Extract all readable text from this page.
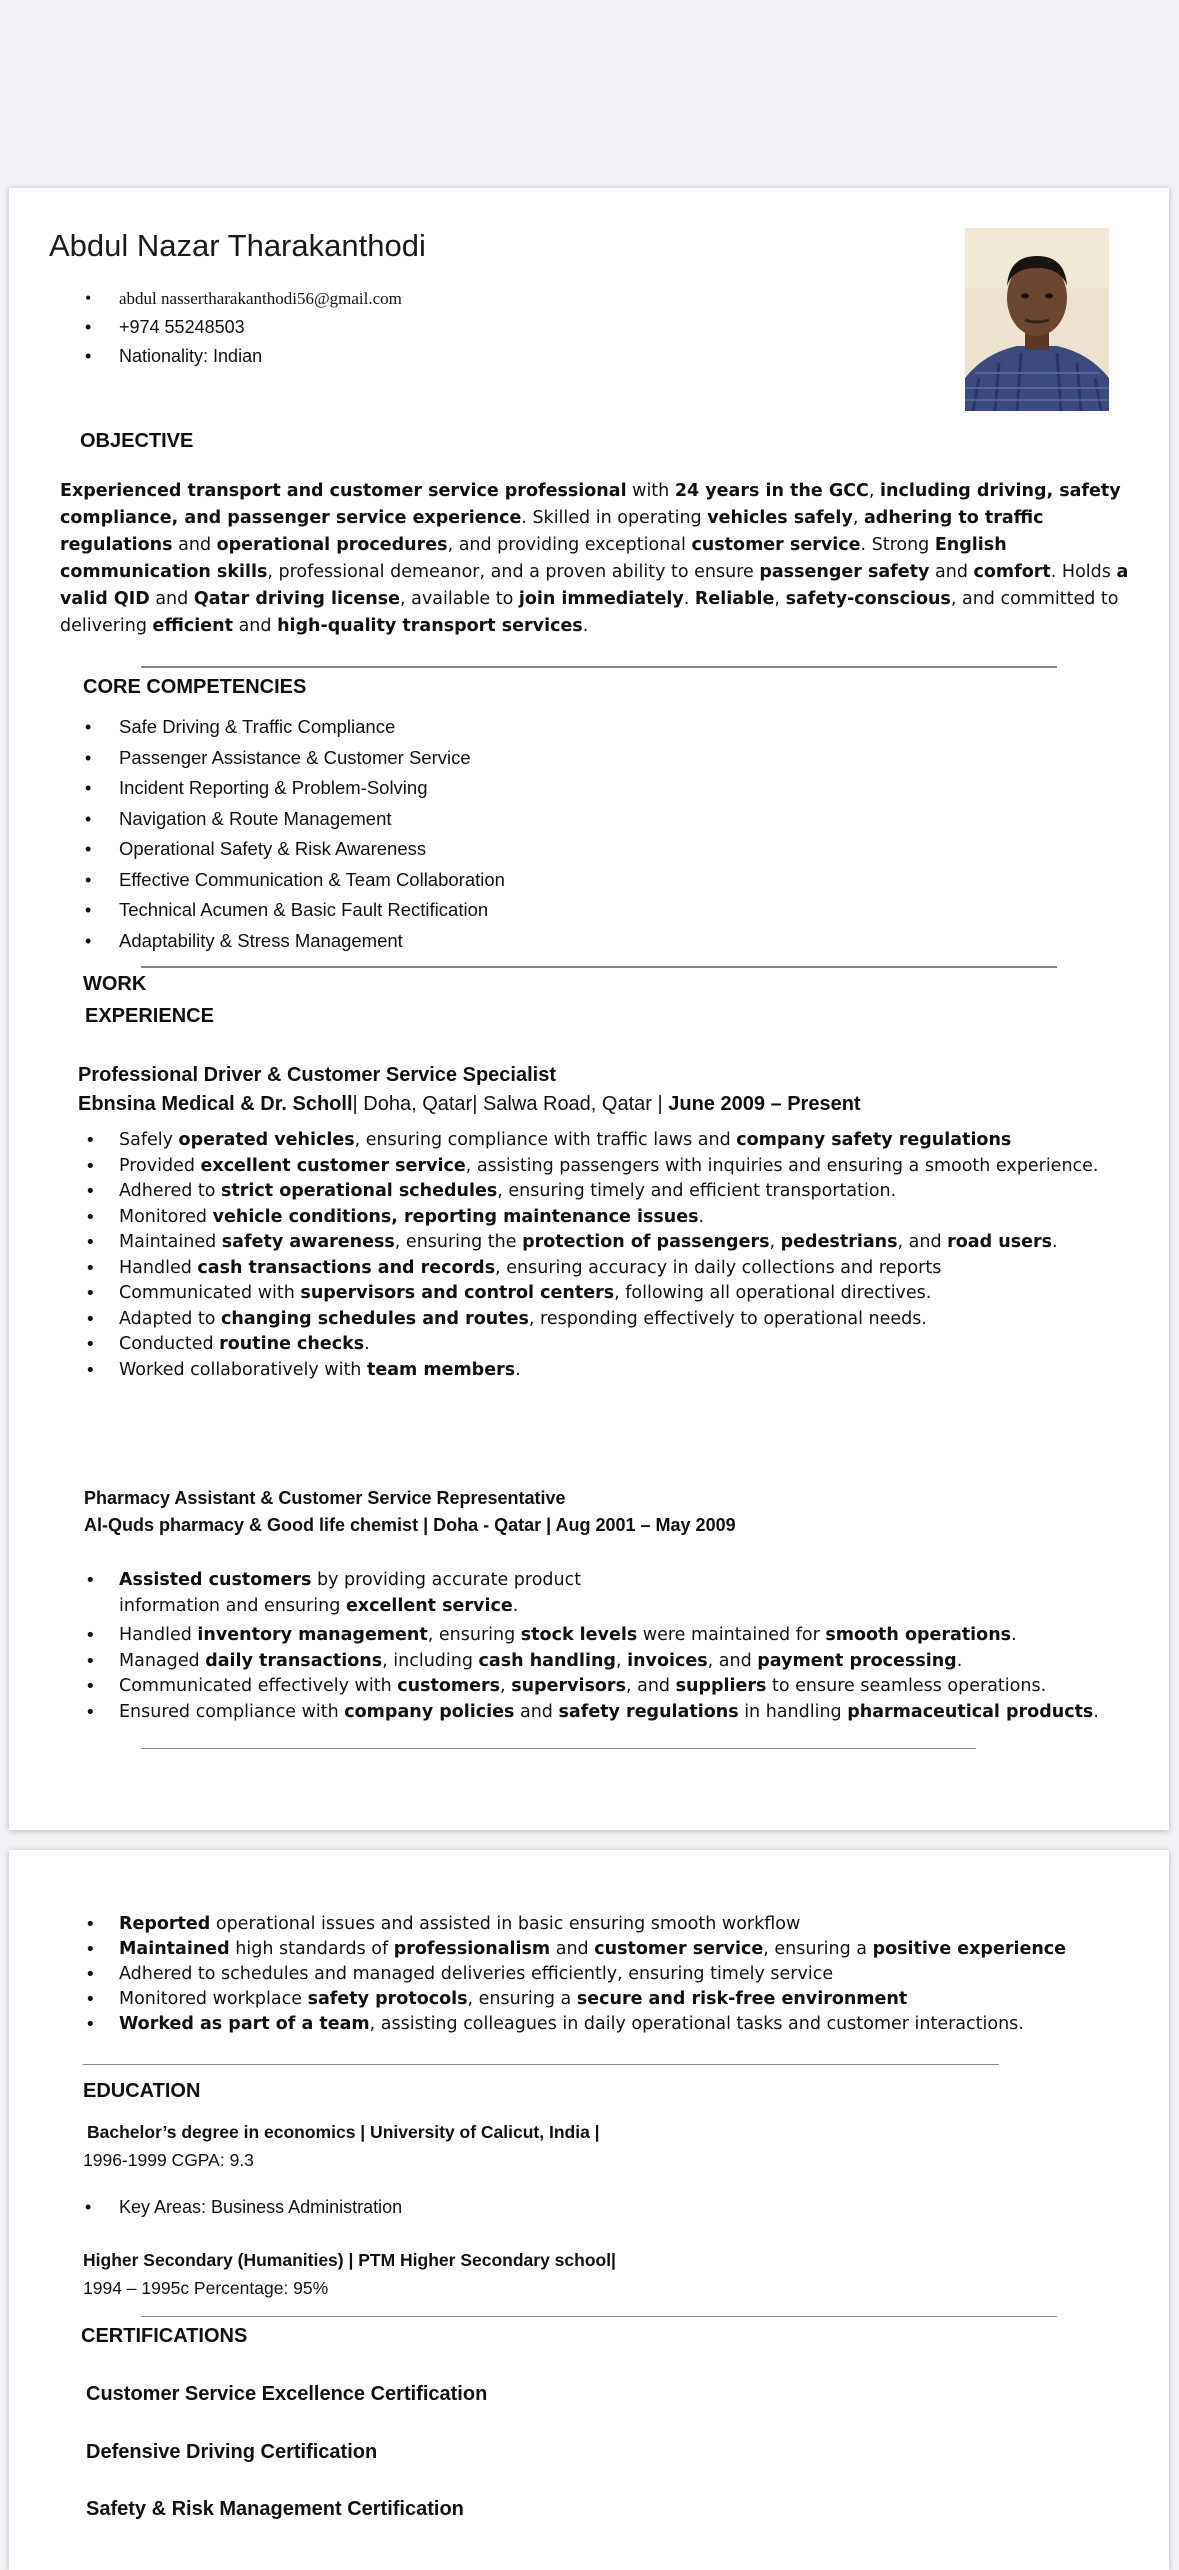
Abdul Nazar Tharakanthodi
• abdul nassertharakanthodi56@gmail.com
• +974 55248503
• Nationality: Indian
OBJECTIVE
Experienced transport and customer service professional with 24 years in the GCC, including driving, safety compliance, and passenger service experience. Skilled in operating vehicles safely, adhering to traffic regulations and operational procedures, and providing exceptional customer service. Strong English communication skills, professional demeanor, and a proven ability to ensure passenger safety and comfort. Holds a valid QID and Qatar driving license, available to join immediately. Reliable, safety-conscious, and committed to delivering efficient and high-quality transport services.
CORE COMPETENCIES
• Safe Driving & Traffic Compliance
• Passenger Assistance & Customer Service
• Incident Reporting & Problem-Solving
• Navigation & Route Management
• Operational Safety & Risk Awareness
• Effective Communication & Team Collaboration
• Technical Acumen & Basic Fault Rectification
• Adaptability & Stress Management
WORK
EXPERIENCE
Professional Driver & Customer Service Specialist
Ebnsina Medical & Dr. Scholl| Doha, Qatar| Salwa Road, Qatar | June 2009 – Present
• Safely operated vehicles, ensuring compliance with traffic laws and company safety regulations
• Provided excellent customer service, assisting passengers with inquiries and ensuring a smooth experience.
• Adhered to strict operational schedules, ensuring timely and efficient transportation.
• Monitored vehicle conditions, reporting maintenance issues.
• Maintained safety awareness, ensuring the protection of passengers, pedestrians, and road users.
• Handled cash transactions and records, ensuring accuracy in daily collections and reports
• Communicated with supervisors and control centers, following all operational directives.
• Adapted to changing schedules and routes, responding effectively to operational needs.
• Conducted routine checks.
• Worked collaboratively with team members.
Pharmacy Assistant & Customer Service Representative
Al-Quds pharmacy & Good life chemist | Doha - Qatar | Aug 2001 – May 2009
• Assisted customers by providing accurate product information and ensuring excellent service.
• Handled inventory management, ensuring stock levels were maintained for smooth operations.
• Managed daily transactions, including cash handling, invoices, and payment processing.
• Communicated effectively with customers, supervisors, and suppliers to ensure seamless operations.
• Ensured compliance with company policies and safety regulations in handling pharmaceutical products.
• Reported operational issues and assisted in basic ensuring smooth workflow
• Maintained high standards of professionalism and customer service, ensuring a positive experience
• Adhered to schedules and managed deliveries efficiently, ensuring timely service
• Monitored workplace safety protocols, ensuring a secure and risk-free environment
• Worked as part of a team, assisting colleagues in daily operational tasks and customer interactions.
EDUCATION
Bachelor’s degree in economics | University of Calicut, India |
1996-1999 CGPA: 9.3
• Key Areas: Business Administration
Higher Secondary (Humanities) | PTM Higher Secondary school|
1994 – 1995c Percentage: 95%
CERTIFICATIONS
Customer Service Excellence Certification
Defensive Driving Certification
Safety & Risk Management Certification
